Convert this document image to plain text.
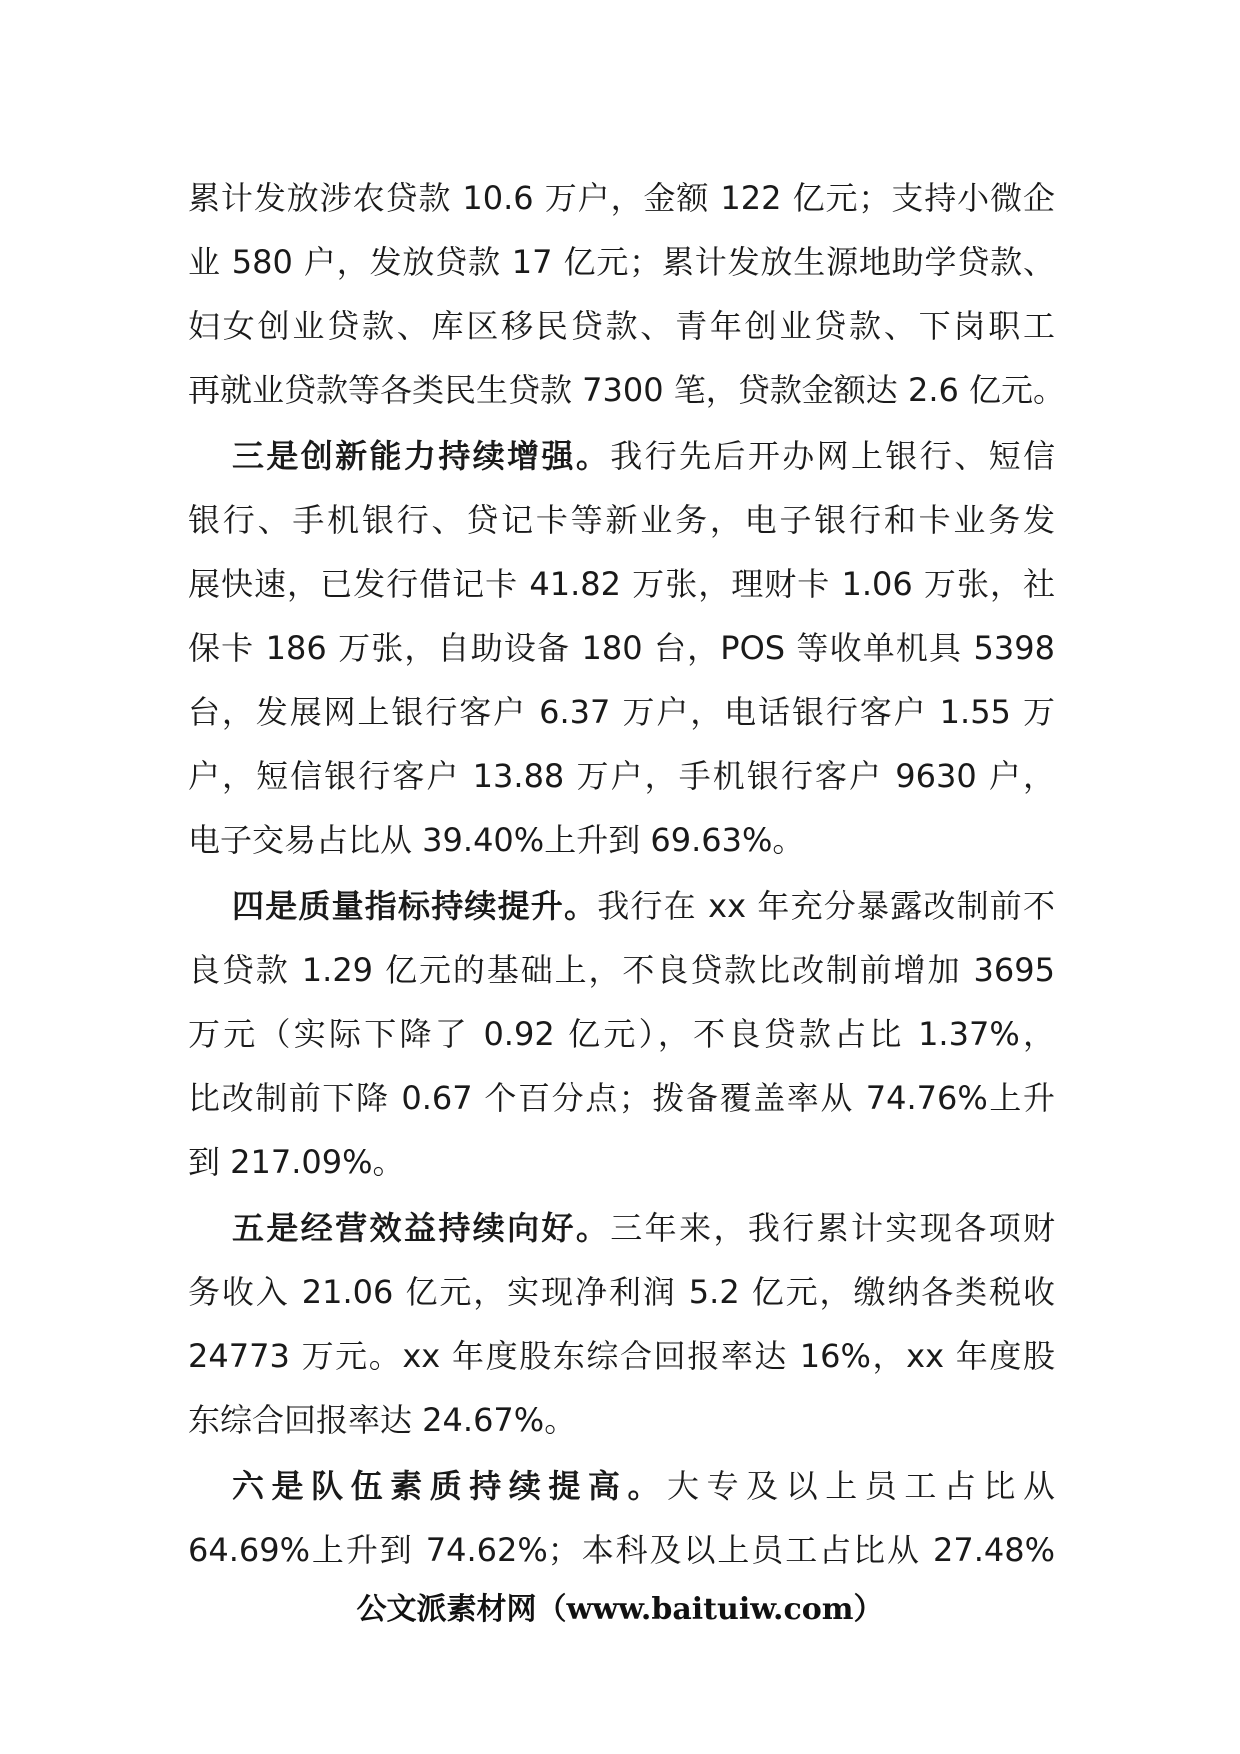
累计发放涉农贷款 10.6 万户，金额 122 亿元；支持小微企
业 580 户，发放贷款 17 亿元；累计发放生源地助学贷款、
妇女创业贷款、库区移民贷款、青年创业贷款、下岗职工
再就业贷款等各类民生贷款 7300 笔，贷款金额达 2.6 亿元。
三是创新能力持续增强。我行先后开办网上银行、短信
银行、手机银行、贷记卡等新业务，电子银行和卡业务发
展快速，已发行借记卡 41.82 万张，理财卡 1.06 万张，社
保卡 186 万张，自助设备 180 台，POS 等收单机具 5398
台，发展网上银行客户 6.37 万户，电话银行客户 1.55 万
户，短信银行客户 13.88 万户，手机银行客户 9630 户，
电子交易占比从 39.40%上升到 69.63%。
四是质量指标持续提升。我行在 xx 年充分暴露改制前不
良贷款 1.29 亿元的基础上，不良贷款比改制前增加 3695
万元（实际下降了 0.92 亿元），不良贷款占比 1.37%，
比改制前下降 0.67 个百分点；拨备覆盖率从 74.76%上升
到 217.09%。
五是经营效益持续向好。三年来，我行累计实现各项财
务收入 21.06 亿元，实现净利润 5.2 亿元，缴纳各类税收
24773 万元。xx 年度股东综合回报率达 16%，xx 年度股
东综合回报率达 24.67%。
六是队伍素质持续提高。大专及以上员工占比从
64.69%上升到 74.62%；本科及以上员工占比从 27.48%
公文派素材网（www.baituiw.com）
